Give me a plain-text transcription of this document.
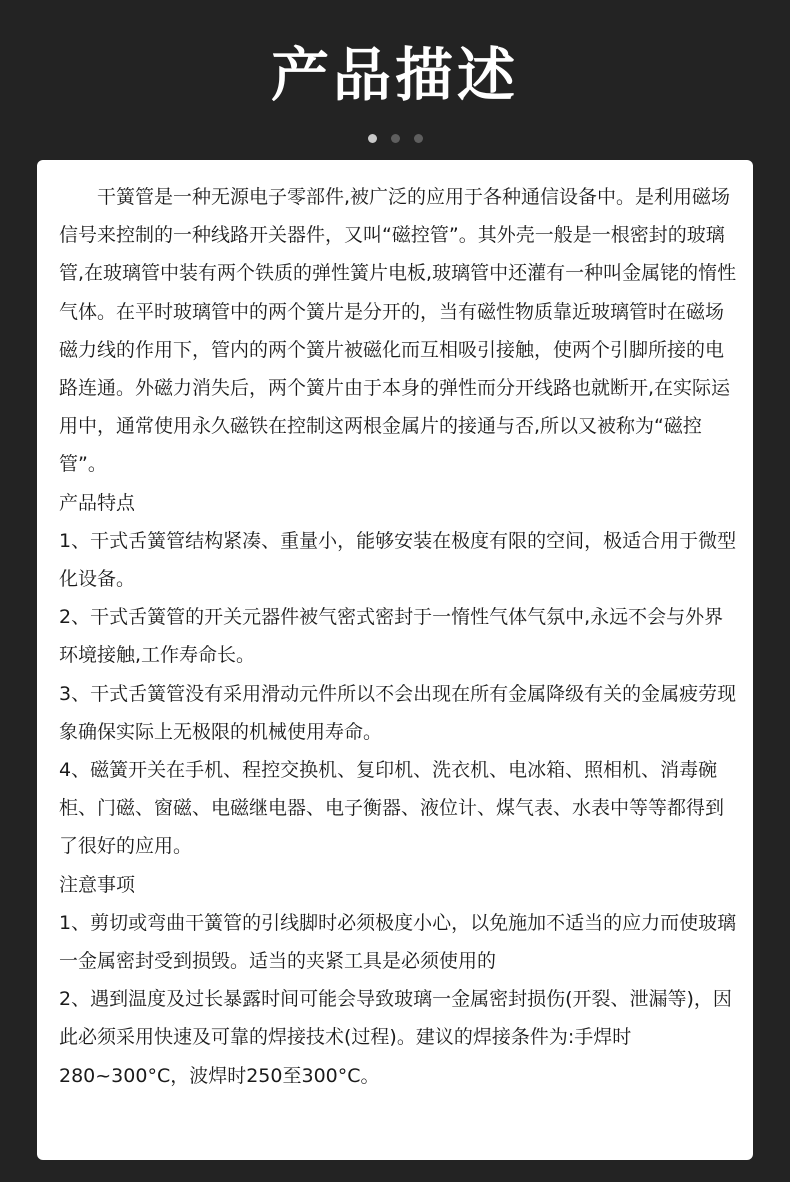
产品描述

干簧管是一种无源电子零部件,被广泛的应用于各种通信设备中。是利用磁场信号来控制的一种线路开关器件，又叫“磁控管”。其外壳一般是一根密封的玻璃管,在玻璃管中装有两个铁质的弹性簧片电板,玻璃管中还灌有一种叫金属铑的惰性气体。在平时玻璃管中的两个簧片是分开的，当有磁性物质靠近玻璃管时在磁场磁力线的作用下，管内的两个簧片被磁化而互相吸引接触，使两个引脚所接的电路连通。外磁力消失后，两个簧片由于本身的弹性而分开线路也就断开,在实际运用中，通常使用永久磁铁在控制这两根金属片的接通与否,所以又被称为“磁控管”。

产品特点

1、干式舌簧管结构紧凑、重量小，能够安装在极度有限的空间，极适合用于微型化设备。

2、干式舌簧管的开关元器件被气密式密封于一惰性气体气氛中,永远不会与外界环境接触,工作寿命长。

3、干式舌簧管没有采用滑动元件所以不会出现在所有金属降级有关的金属疲劳现象确保实际上无极限的机械使用寿命。

4、磁簧开关在手机、程控交换机、复印机、洗衣机、电冰箱、照相机、消毒碗柜、门磁、窗磁、电磁继电器、电子衡器、液位计、煤气表、水表中等等都得到了很好的应用。

注意事项

1、剪切或弯曲干簧管的引线脚时必须极度小心，以免施加不适当的应力而使玻璃一金属密封受到损毁。适当的夹紧工具是必须使用的

2、遇到温度及过长暴露时间可能会导致玻璃一金属密封损伤(开裂、泄漏等)，因此必须采用快速及可靠的焊接技术(过程)。建议的焊接条件为:手焊时280~300°C，波焊时250至300°C。
